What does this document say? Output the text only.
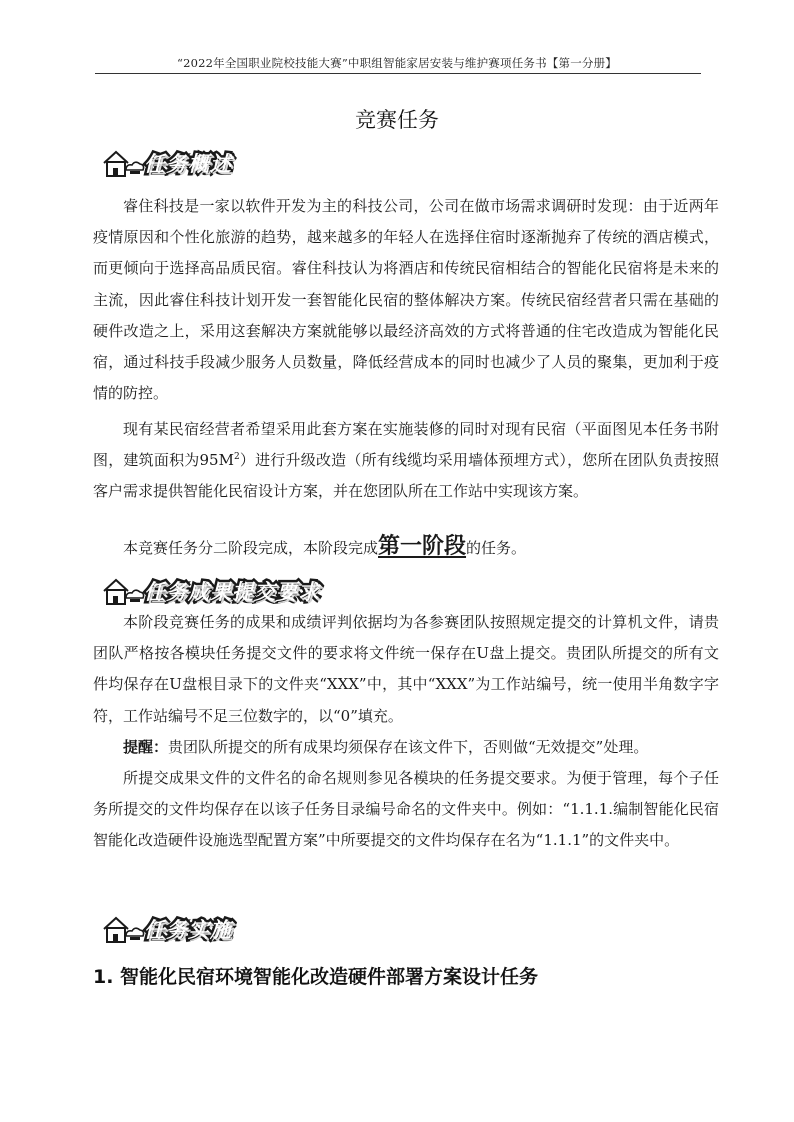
“2022年全国职业院校技能大赛”中职组智能家居安装与维护赛项任务书【第一分册】
竞赛任务
任务概述

睿住科技是一家以软件开发为主的科技公司，公司在做市场需求调研时发现：由于近两年疫情原因和个性化旅游的趋势，越来越多的年轻人在选择住宿时逐渐抛弃了传统的酒店模式，而更倾向于选择高品质民宿。睿住科技认为将酒店和传统民宿相结合的智能化民宿将是未来的主流，因此睿住科技计划开发一套智能化民宿的整体解决方案。传统民宿经营者只需在基础的硬件改造之上，采用这套解决方案就能够以最经济高效的方式将普通的住宅改造成为智能化民宿，通过科技手段减少服务人员数量，降低经营成本的同时也减少了人员的聚集，更加利于疫情的防控。

现有某民宿经营者希望采用此套方案在实施装修的同时对现有民宿（平面图见本任务书附图，建筑面积为$95M^2$）进行升级改造（所有线缆均采用墙体预埋方式），您所在团队负责按照客户需求提供智能化民宿设计方案，并在您团队所在工作站中实现该方案。

本竞赛任务分二阶段完成，本阶段完成第一阶段的任务。

任务成果提交要求

本阶段竞赛任务的成果和成绩评判依据均为各参赛团队按照规定提交的计算机文件，请贵团队严格按各模块任务提交文件的要求将文件统一保存在U盘上提交。贵团队所提交的所有文件均保存在U盘根目录下的文件夹“XXX”中，其中“XXX”为工作站编号，统一使用半角数字字符，工作站编号不足三位数字的，以“0”填充。

提醒：贵团队所提交的所有成果均须保存在该文件下，否则做“无效提交”处理。

所提交成果文件的文件名的命名规则参见各模块的任务提交要求。为便于管理，每个子任务所提交的文件均保存在以该子任务目录编号命名的文件夹中。例如：“1.1.1.编制智能化民宿智能化改造硬件设施选型配置方案”中所要提交的文件均保存在名为“1.1.1”的文件夹中。

任务实施
1. 智能化民宿环境智能化改造硬件部署方案设计任务
